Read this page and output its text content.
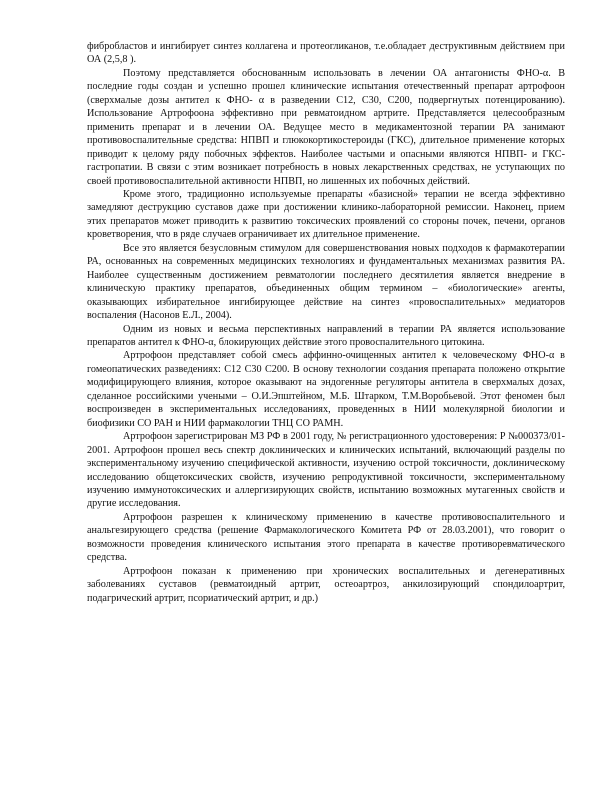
фибробластов и ингибирует синтез коллагена и протеогликанов, т.е.обладает деструктивным действием при ОА (2,5,8 ).

Поэтому представляется обоснованным использовать в лечении ОА антагонисты ФНО-α. В последние годы создан и успешно прошел клинические испытания отечественный препарат артрофоон (сверхмалые дозы антител к ФНО- α в разведении С12, С30, С200, подвергнутых потенцированию). Использование Артрофоона эффективно при ревматоидном артрите. Представляется целесообразным применить препарат и в лечении ОА. Ведущее место в медикаментозной терапии РА занимают противовоспалительные средства: НПВП и глюкокортикостероиды (ГКС), длительное применение которых приводит к целому ряду побочных эффектов. Наиболее частыми и опасными являются НПВП- и ГКС-гастропатии. В связи с этим возникает потребность в новых лекарственных средствах, не уступающих по своей противовоспалительной активности НПВП, но лишенных их побочных действий.

Кроме этого, традиционно используемые препараты «базисной» терапии не всегда эффективно замедляют деструкцию суставов даже при достижении клинико-лабораторной ремиссии. Наконец, прием этих препаратов может приводить к развитию токсических проявлений со стороны почек, печени, органов кроветворения, что в ряде случаев ограничивает их длительное применение.

Все это является безусловным стимулом для совершенствования новых подходов к фармакотерапии РА, основанных на современных медицинских технологиях и фундаментальных механизмах развития РА. Наиболее существенным достижением ревматологии последнего десятилетия является внедрение в клиническую практику препаратов, объединенных общим термином – «биологические» агенты, оказывающих избирательное ингибирующее действие на синтез «провоспалительных» медиаторов воспаления (Насонов Е.Л., 2004).

Одним из новых и весьма перспективных направлений в терапии РА является использование препаратов антител к ФНО-α, блокирующих действие этого провоспалительного цитокина.

Артрофоон представляет собой смесь аффинно-очищенных антител к человеческому ФНО-α в гомеопатических разведениях: С12 С30 С200. В основу технологии создания препарата положено открытие модифицирующего влияния, которое оказывают на эндогенные регуляторы антитела в сверхмалых дозах, сделанное российскими учеными – О.И.Эпштейном, М.Б. Штарком, Т.М.Воробьевой. Этот феномен был воспроизведен в экспериментальных исследованиях, проведенных в НИИ молекулярной биологии и биофизики СО РАН и НИИ фармакологии ТНЦ СО РАМН.

Артрофоон зарегистрирован МЗ РФ в 2001 году, № регистрационного удостоверения: Р №000373/01-2001. Артрофоон прошел весь спектр доклинических и клинических испытаний, включающий разделы по экспериментальному изучению специфической активности, изучению острой токсичности, доклиническому исследованию общетоксических свойств, изучению репродуктивной токсичности, экспериментальному изучению иммунотоксических и аллергизирующих свойств, испытанию возможных мутагенных свойств и другие исследования.

Артрофоон разрешен к клиническому применению в качестве противовоспалительного и анальгезирующего средства (решение Фармакологического Комитета РФ от 28.03.2001), что говорит о возможности проведения клинического испытания этого препарата в качестве противоревматического средства.

Артрофоон показан к применению при хронических воспалительных и дегенеративных заболеваниях суставов (ревматоидный артрит, остеоартроз, анкилозирующий спондилоартрит, подагрический артрит, псориатический артрит, и др.)
